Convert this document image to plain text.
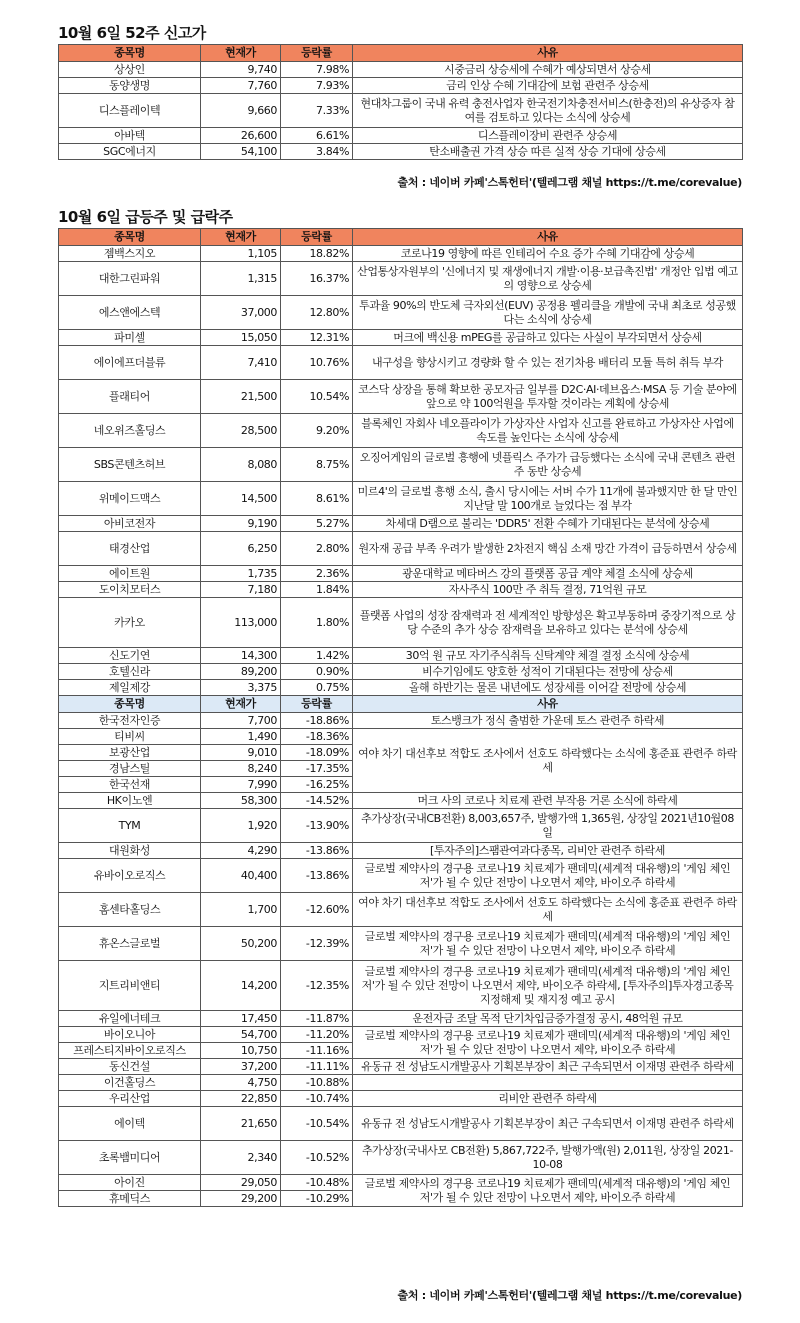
10월 6일 52주 신고가
종목명	현재가	등락률	사유
상상인	9,740	7.98%	시중금리 상승세에 수혜가 예상되면서 상승세
동양생명	7,760	7.93%	금리 인상 수혜 기대감에 보험 관련주 상승세
디스플레이텍	9,660	7.33%	현대차그룹이 국내 유력 충전사업자 한국전기차충전서비스(한충전)의 유상증자 참여를 검토하고 있다는 소식에 상승세
아바텍	26,600	6.61%	디스플레이장비 관련주 상승세
SGC에너지	54,100	3.84%	탄소배출권 가격 상승 따른 실적 상승 기대에 상승세
출처 : 네이버 카페'스톡헌터'(텔레그램 채널 https://t.me/corevalue)
10월 6일 급등주 및 급락주
종목명	현재가	등락률	사유
젬백스지오	1,105	18.82%	코로나19 영향에 따른 인테리어 수요 증가 수혜 기대감에 상승세
대한그린파워	1,315	16.37%	산업통상자원부의 '신에너지 및 재생에너지 개발·이용·보급촉진법' 개정안 입법 예고의 영향으로 상승세
에스앤에스텍	37,000	12.80%	투과율 90%의 반도체 극자외선(EUV) 공정용 펠리클을 개발에 국내 최초로 성공했다는 소식에 상승세
파미셀	15,050	12.31%	머크에 백신용 mPEG를 공급하고 있다는 사실이 부각되면서 상승세
에이에프더블류	7,410	10.76%	내구성을 향상시키고 경량화 할 수 있는 전기차용 배터리 모듈 특허 취득 부각
플래티어	21,500	10.54%	코스닥 상장을 통해 확보한 공모자금 일부를 D2C·AI·데브옵스·MSA 등 기술 분야에 앞으로 약 100억원을 투자할 것이라는 계획에 상승세
네오위즈홀딩스	28,500	9.20%	블록체인 자회사 네오플라이가 가상자산 사업자 신고를 완료하고 가상자산 사업에 속도를 높인다는 소식에 상승세
SBS콘텐츠허브	8,080	8.75%	오징어게임의 글로벌 흥행에 넷플릭스 주가가 급등했다는 소식에 국내 콘텐츠 관련주 동반 상승세
위메이드맥스	14,500	8.61%	미르4'의 글로벌 흥행 소식, 출시 당시에는 서버 수가 11개에 불과했지만 한 달 만인 지난달 말 100개로 늘었다는 점 부각
아비코전자	9,190	5.27%	차세대 D램으로 불리는 'DDR5' 전환 수혜가 기대된다는 분석에 상승세
태경산업	6,250	2.80%	원자재 공급 부족 우려가 발생한 2차전지 핵심 소재 망간 가격이 급등하면서 상승세
에이트원	1,735	2.36%	광운대학교 메타버스 강의 플랫폼 공급 계약 체결 소식에 상승세
도이치모터스	7,180	1.84%	자사주식 100만 주 취득 결정, 71억원 규모
카카오	113,000	1.80%	플랫폼 사업의 성장 잠재력과 전 세계적인 방향성은 확고부동하며 중장기적으로 상당 수준의 추가 상승 잠재력을 보유하고 있다는 분석에 상승세
신도기연	14,300	1.42%	30억 원 규모 자기주식취득 신탁계약 체결 결정 소식에 상승세
호텔신라	89,200	0.90%	비수기임에도 양호한 성적이 기대된다는 전망에 상승세
제일제강	3,375	0.75%	올해 하반기는 물론 내년에도 성장세를 이어갈 전망에 상승세
종목명	현재가	등락률	사유
한국전자인증	7,700	-18.86%	토스뱅크가 정식 출범한 가운데 토스 관련주 하락세
티비씨	1,490	-18.36%	여야 차기 대선후보 적합도 조사에서 선호도 하락했다는 소식에 홍준표 관련주 하락세
보광산업	9,010	-18.09%	
경남스틸	8,240	-17.35%	
한국선재	7,990	-16.25%	
HK이노엔	58,300	-14.52%	머크 사의 코로나 치료제 관련 부작용 거론 소식에 하락세
TYM	1,920	-13.90%	추가상장(국내CB전환) 8,003,657주, 발행가액 1,365원, 상장일 2021년10월08일
대원화성	4,290	-13.86%	[투자주의]스팸관여과다종목, 리비안 관련주 하락세
유바이오로직스	40,400	-13.86%	글로벌 제약사의 경구용 코로나19 치료제가 팬데믹(세계적 대유행)의 '게임 체인저'가 될 수 있단 전망이 나오면서 제약, 바이오주 하락세
홈센타홀딩스	1,700	-12.60%	여야 차기 대선후보 적합도 조사에서 선호도 하락했다는 소식에 홍준표 관련주 하락세
휴온스글로벌	50,200	-12.39%	글로벌 제약사의 경구용 코로나19 치료제가 팬데믹(세계적 대유행)의 '게임 체인저'가 될 수 있단 전망이 나오면서 제약, 바이오주 하락세
지트리비앤티	14,200	-12.35%	글로벌 제약사의 경구용 코로나19 치료제가 팬데믹(세계적 대유행)의 '게임 체인저'가 될 수 있단 전망이 나오면서 제약, 바이오주 하락세, [투자주의]투자경고종목 지정해제 및 재지정 예고 공시
유일에너테크	17,450	-11.87%	운전자금 조달 목적 단기차입금증가결정 공시, 48억원 규모
바이오니아	54,700	-11.20%	글로벌 제약사의 경구용 코로나19 치료제가 팬데믹(세계적 대유행)의 '게임 체인저'가 될 수 있단 전망이 나오면서 제약, 바이오주 하락세
프레스티지바이오로직스	10,750	-11.16%	
동신건설	37,200	-11.11%	유동규 전 성남도시개발공사 기획본부장이 최근 구속되면서 이재명 관련주 하락세
이건홀딩스	4,750	-10.88%	
우리산업	22,850	-10.74%	리비안 관련주 하락세
에이텍	21,650	-10.54%	유동규 전 성남도시개발공사 기획본부장이 최근 구속되면서 이재명 관련주 하락세
초록뱀미디어	2,340	-10.52%	추가상장(국내사모 CB전환) 5,867,722주, 발행가액(원) 2,011원, 상장일 2021-10-08
아이진	29,050	-10.48%	글로벌 제약사의 경구용 코로나19 치료제가 팬데믹(세계적 대유행)의 '게임 체인저'가 될 수 있단 전망이 나오면서 제약, 바이오주 하락세
휴메딕스	29,200	-10.29%	
출처 : 네이버 카페'스톡헌터'(텔레그램 채널 https://t.me/corevalue)
